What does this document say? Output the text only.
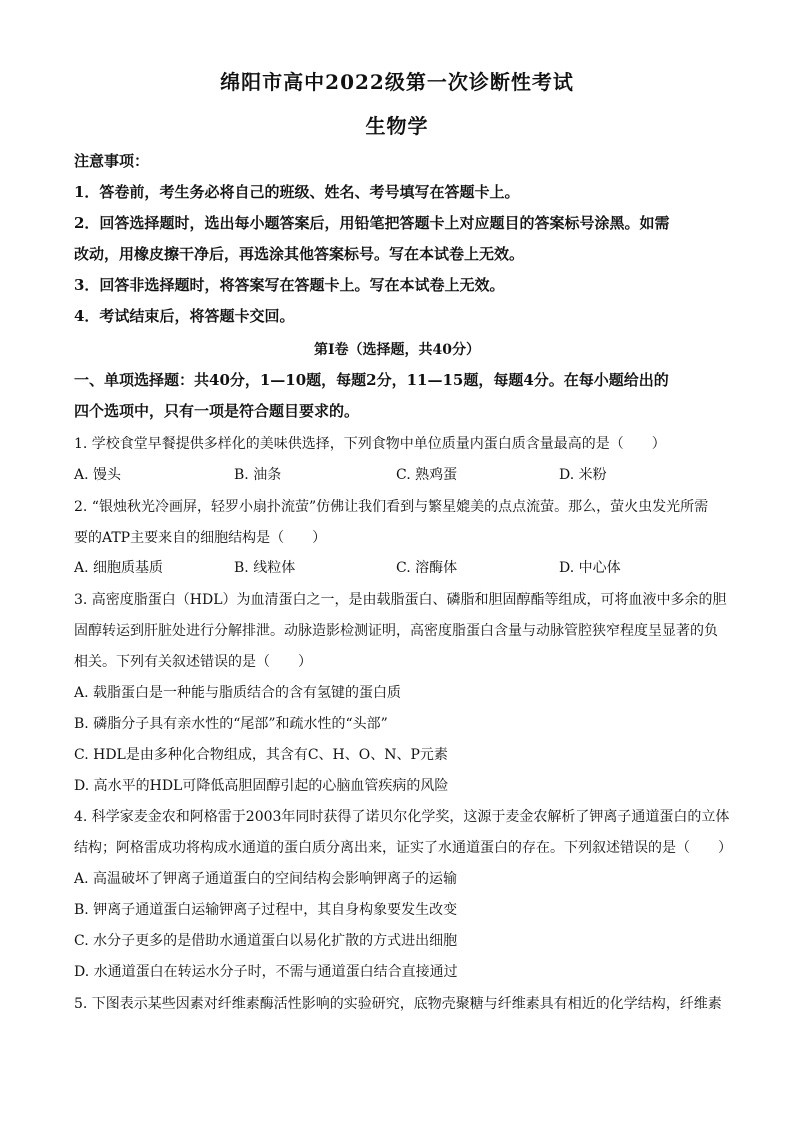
绵阳市高中2022级第一次诊断性考试
生物学
注意事项：
1．答卷前，考生务必将自己的班级、姓名、考号填写在答题卡上。
2．回答选择题时，选出每小题答案后，用铅笔把答题卡上对应题目的答案标号涂黑。如需
改动，用橡皮擦干净后，再选涂其他答案标号。写在本试卷上无效。
3．回答非选择题时，将答案写在答题卡上。写在本试卷上无效。
4．考试结束后，将答题卡交回。
第Ⅰ卷（选择题，共40分）
一、单项选择题：共40分，1—10题，每题2分，11—15题，每题4分。在每小题给出的
四个选项中，只有一项是符合题目要求的。
1. 学校食堂早餐提供多样化的美味供选择，下列食物中单位质量内蛋白质含量最高的是（　　）
A. 馒头	B. 油条	C. 熟鸡蛋	D. 米粉
2. “银烛秋光冷画屏，轻罗小扇扑流萤”仿佛让我们看到与繁星媲美的点点流萤。那么，萤火虫发光所需
要的ATP主要来自的细胞结构是（　　）
A. 细胞质基质	B. 线粒体	C. 溶酶体	D. 中心体
3. 高密度脂蛋白（HDL）为血清蛋白之一，是由载脂蛋白、磷脂和胆固醇酯等组成，可将血液中多余的胆
固醇转运到肝脏处进行分解排泄。动脉造影检测证明，高密度脂蛋白含量与动脉管腔狭窄程度呈显著的负
相关。下列有关叙述错误的是（　　）
A. 载脂蛋白是一种能与脂质结合的含有氢键的蛋白质
B. 磷脂分子具有亲水性的“尾部”和疏水性的“头部”
C. HDL是由多种化合物组成，其含有C、H、O、N、P元素
D. 高水平的HDL可降低高胆固醇引起的心脑血管疾病的风险
4. 科学家麦金农和阿格雷于2003年同时获得了诺贝尔化学奖，这源于麦金农解析了钾离子通道蛋白的立体
结构；阿格雷成功将构成水通道的蛋白质分离出来，证实了水通道蛋白的存在。下列叙述错误的是（　　）
A. 高温破坏了钾离子通道蛋白的空间结构会影响钾离子的运输
B. 钾离子通道蛋白运输钾离子过程中，其自身构象要发生改变
C. 水分子更多的是借助水通道蛋白以易化扩散的方式进出细胞
D. 水通道蛋白在转运水分子时，不需与通道蛋白结合直接通过
5. 下图表示某些因素对纤维素酶活性影响的实验研究，底物壳聚糖与纤维素具有相近的化学结构，纤维素
